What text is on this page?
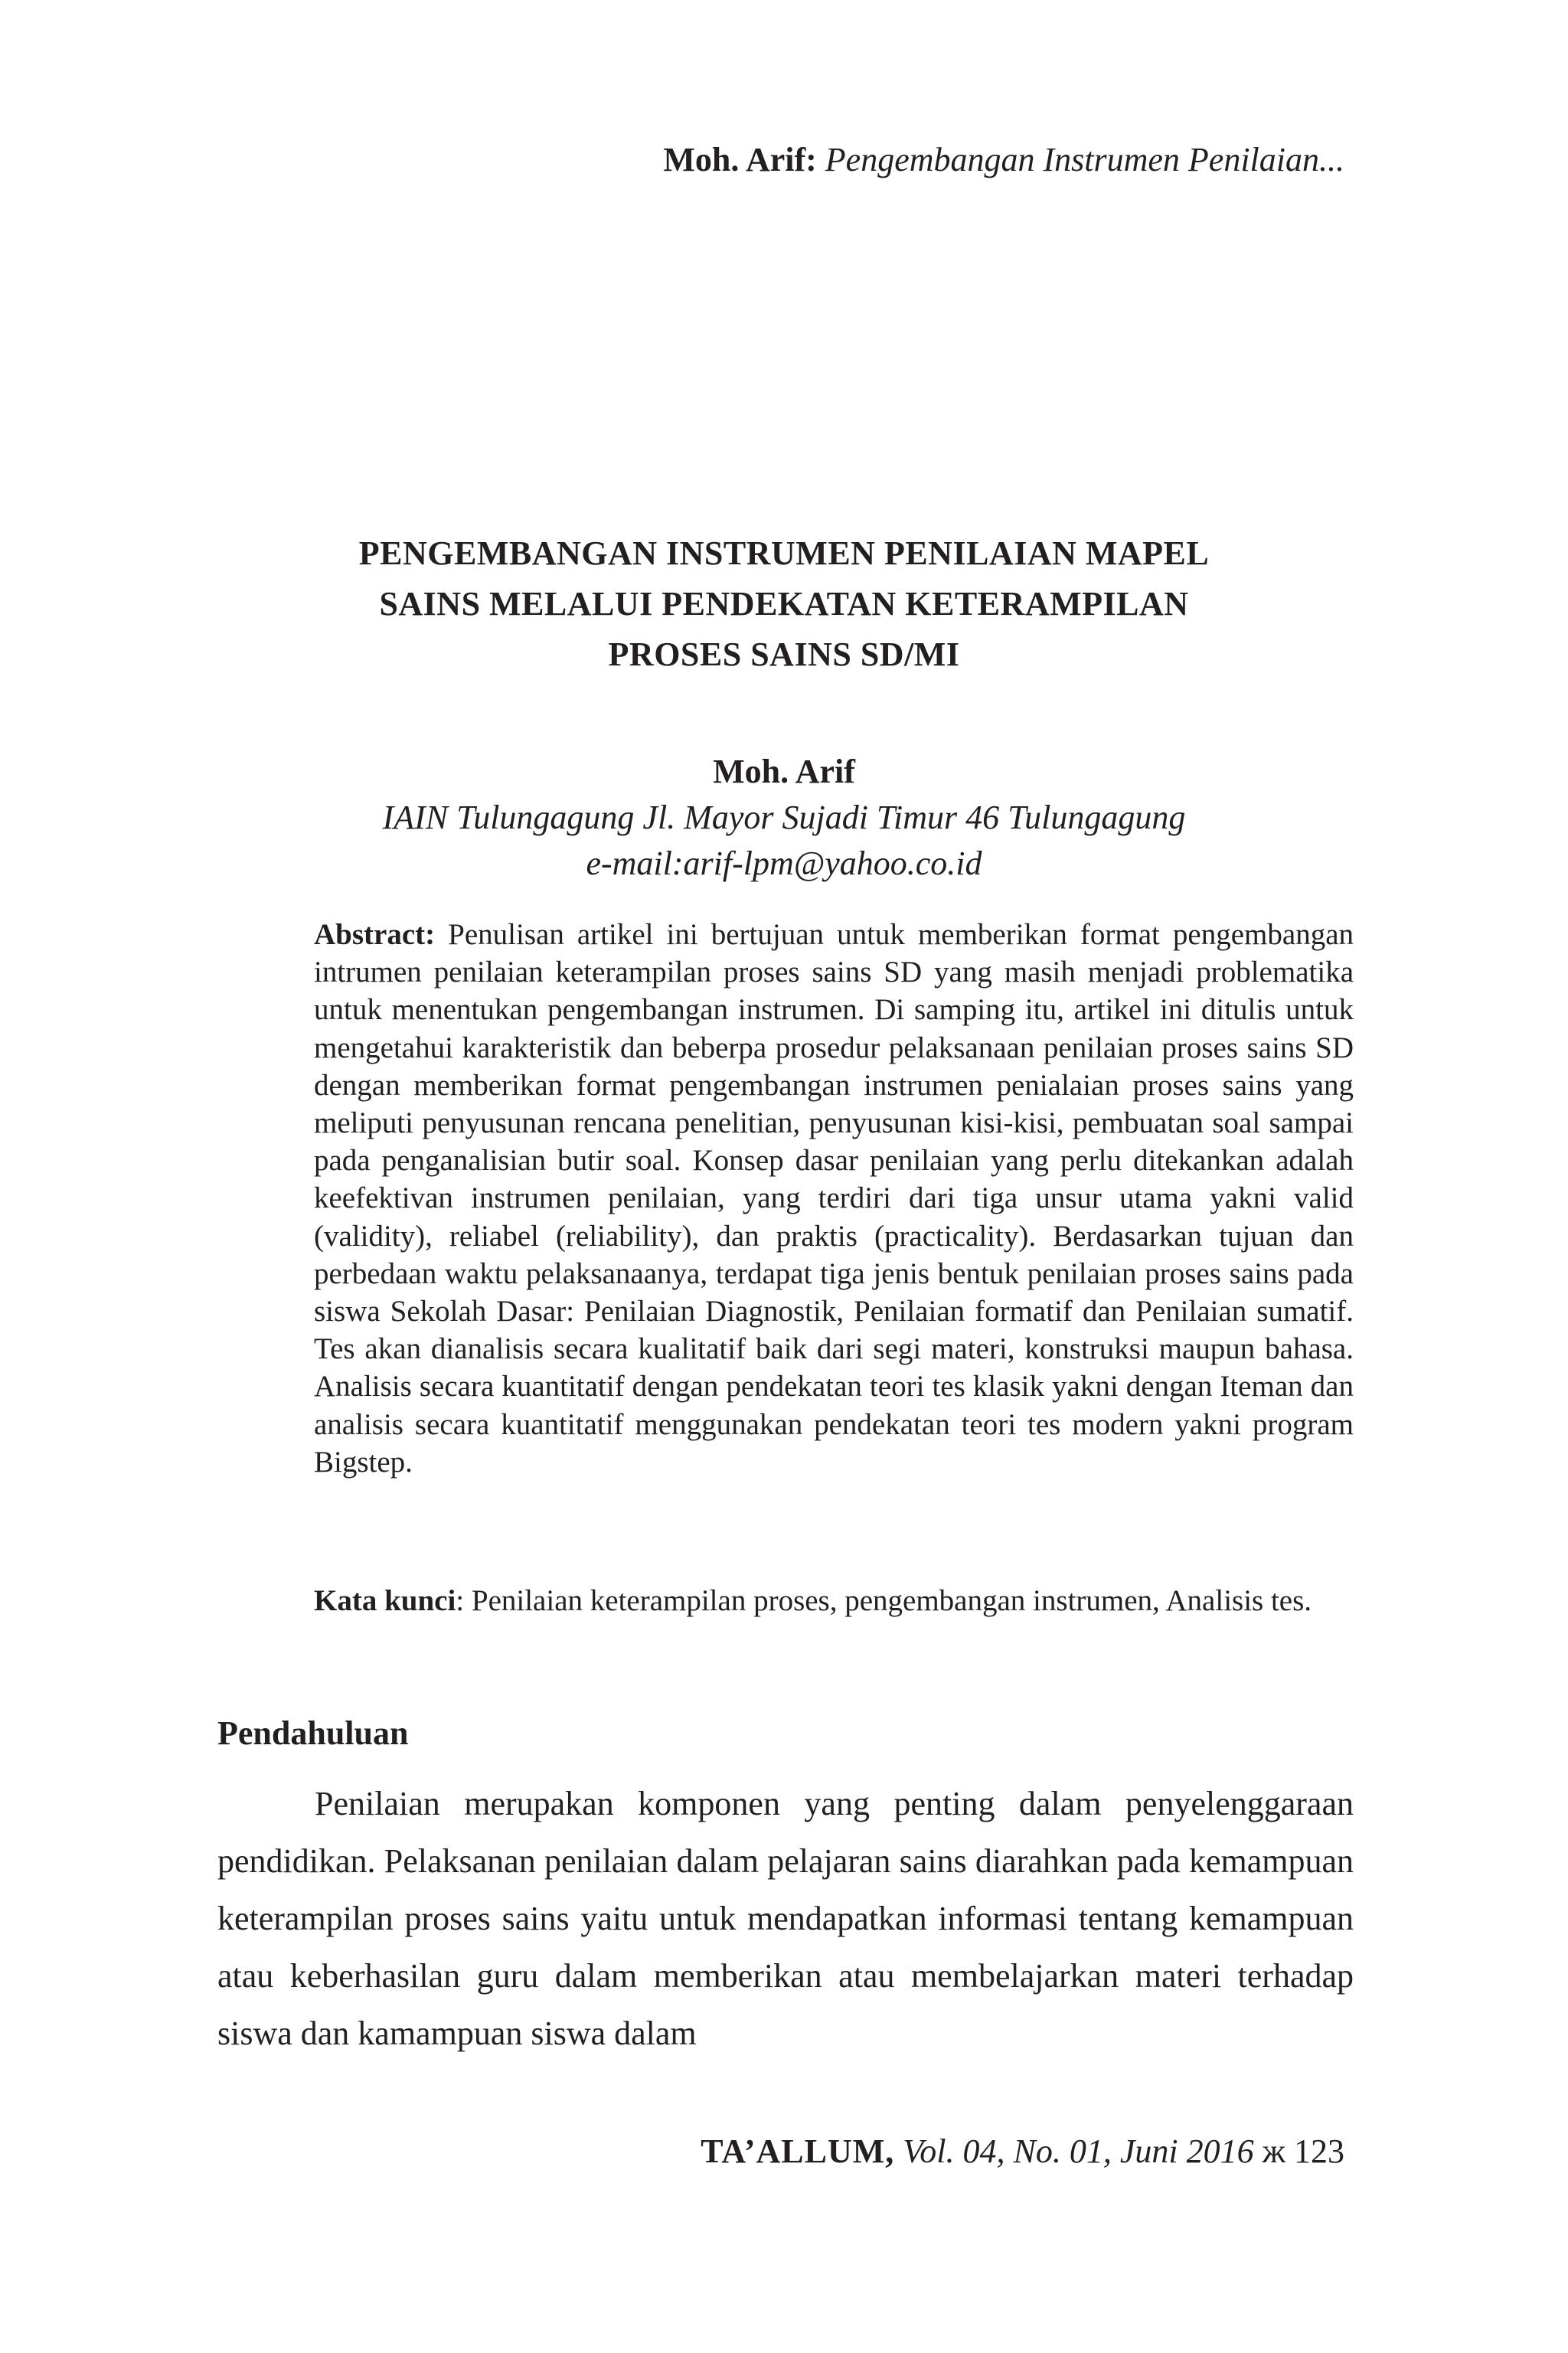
Moh. Arif: Pengembangan Instrumen Penilaian...
PENGEMBANGAN INSTRUMEN PENILAIAN MAPEL
SAINS MELALUI PENDEKATAN KETERAMPILAN
PROSES SAINS SD/MI
Moh. Arif
IAIN Tulungagung Jl. Mayor Sujadi Timur 46 Tulungagung
e-mail:arif-lpm@yahoo.co.id

Abstract: Penulisan artikel ini bertujuan untuk memberikan format pengembangan intrumen penilaian keterampilan proses sains SD yang masih menjadi problematika untuk menentukan pengembangan instrumen. Di samping itu, artikel ini ditulis untuk mengetahui karakteristik dan beberpa prosedur pelaksanaan penilaian proses sains SD dengan memberikan format pengembangan instrumen penialaian proses sains yang meliputi penyusunan rencana penelitian, penyusunan kisi-kisi, pembuatan soal sampai pada penganalisian butir soal. Konsep dasar penilaian yang perlu ditekankan adalah keefektivan instrumen penilaian, yang terdiri dari tiga unsur utama yakni valid (validity), reliabel (reliability), dan praktis (practicality). Berdasarkan tujuan dan perbedaan waktu pelaksanaanya, terdapat tiga jenis bentuk penilaian proses sains pada siswa Sekolah Dasar: Penilaian Diagnostik, Penilaian formatif dan Penilaian sumatif. Tes akan dianalisis secara kualitatif baik dari segi materi, konstruksi maupun bahasa. Analisis secara kuantitatif dengan pendekatan teori tes klasik yakni dengan Iteman dan analisis secara kuantitatif menggunakan pendekatan teori tes modern yakni program Bigstep.

Kata kunci: Penilaian keterampilan proses, pengembangan instrumen, Analisis tes.

Pendahuluan

Penilaian merupakan komponen yang penting dalam penyelenggaraan pendidikan. Pelaksanan penilaian dalam pelajaran sains diarahkan pada kemampuan keterampilan proses sains yaitu untuk mendapatkan informasi tentang kemampuan atau keberhasilan guru dalam memberikan atau membelajarkan materi terhadap siswa dan kamampuan siswa dalam

TA’ALLUM, Vol. 04, No. 01, Juni 2016 ж 123
